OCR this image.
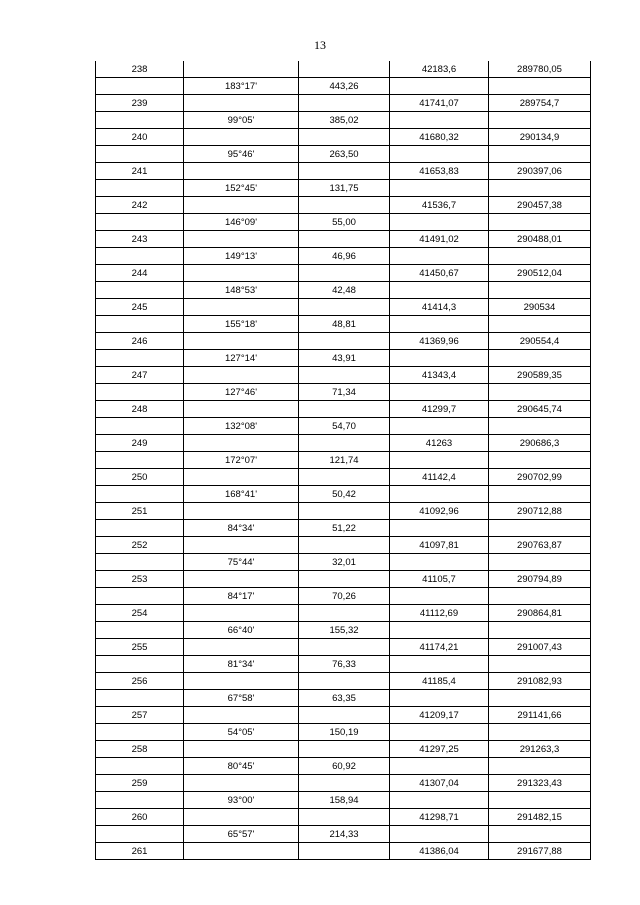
13
238			42183,6	289780,05
	183°17'	443,26		
239			41741,07	289754,7
	99°05'	385,02		
240			41680,32	290134,9
	95°46'	263,50		
241			41653,83	290397,06
	152°45'	131,75		
242			41536,7	290457,38
	146°09'	55,00		
243			41491,02	290488,01
	149°13'	46,96		
244			41450,67	290512,04
	148°53'	42,48		
245			41414,3	290534
	155°18'	48,81		
246			41369,96	290554,4
	127°14'	43,91		
247			41343,4	290589,35
	127°46'	71,34		
248			41299,7	290645,74
	132°08'	54,70		
249			41263	290686,3
	172°07'	121,74		
250			41142,4	290702,99
	168°41'	50,42		
251			41092,96	290712,88
	84°34'	51,22		
252			41097,81	290763,87
	75°44'	32,01		
253			41105,7	290794,89
	84°17'	70,26		
254			41112,69	290864,81
	66°40'	155,32		
255			41174,21	291007,43
	81°34'	76,33		
256			41185,4	291082,93
	67°58'	63,35		
257			41209,17	291141,66
	54°05'	150,19		
258			41297,25	291263,3
	80°45'	60,92		
259			41307,04	291323,43
	93°00'	158,94		
260			41298,71	291482,15
	65°57'	214,33		
261			41386,04	291677,88
